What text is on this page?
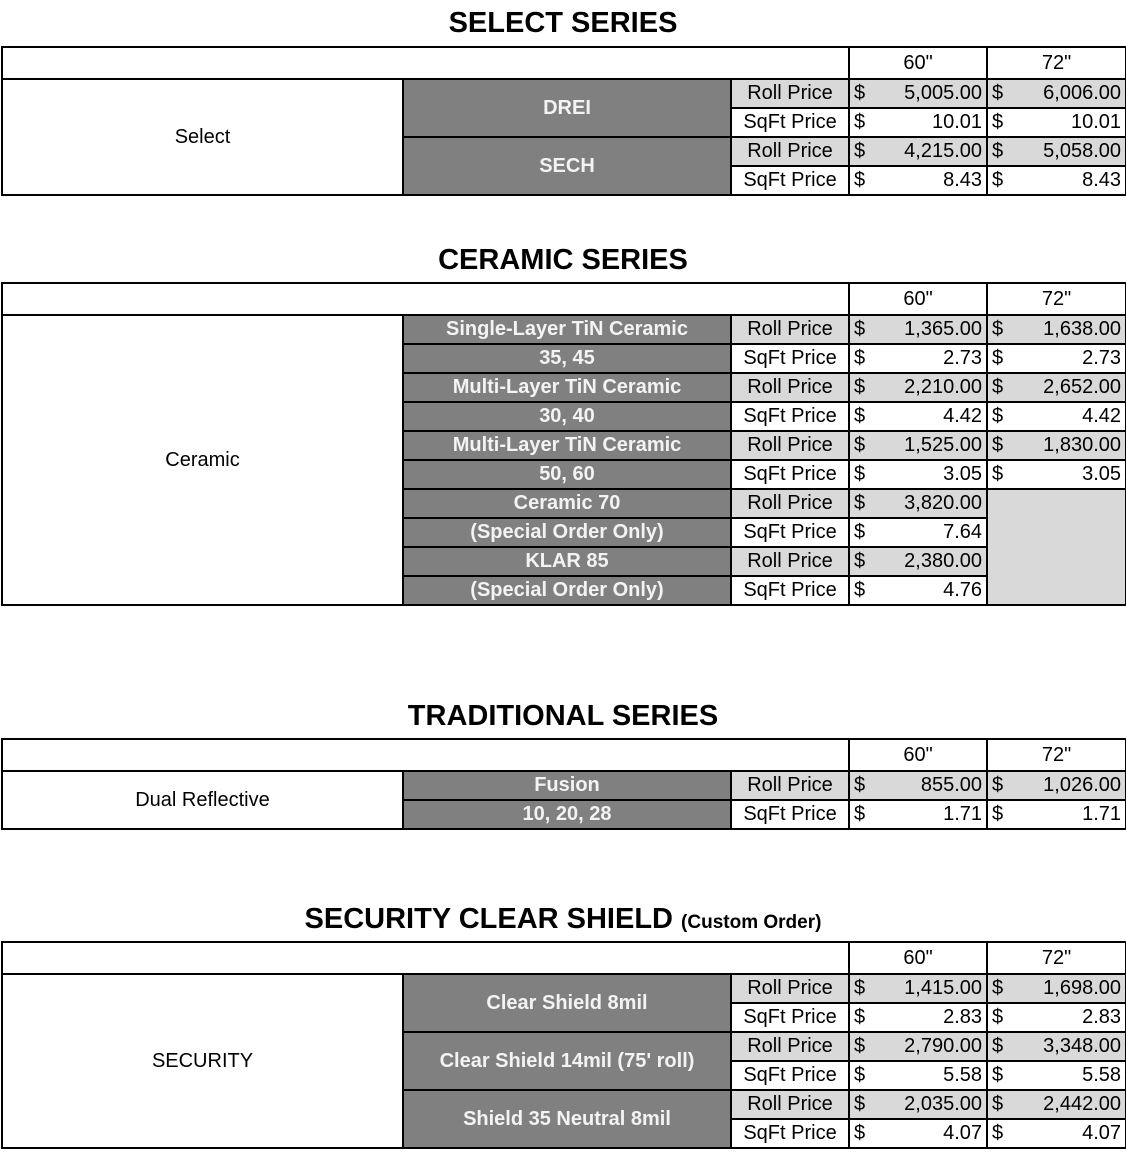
SELECT SERIES
			60"	72"
Select	DREI	Roll Price	$ 5,005.00	$ 6,006.00

		SqFt Price	$ 10.01	$ 10.01

	SECH	Roll Price	$ 4,215.00	$ 5,058.00

		SqFt Price	$ 8.43	$ 8.43
CERAMIC SERIES
			60"	72"
Ceramic	Single-Layer TiN Ceramic	Roll Price	$ 1,365.00	$ 1,638.00

	35, 45	SqFt Price	$ 2.73	$ 2.73

	Multi-Layer TiN Ceramic	Roll Price	$ 2,210.00	$ 2,652.00

	30, 40	SqFt Price	$ 4.42	$ 4.42

	Multi-Layer TiN Ceramic	Roll Price	$ 1,525.00	$ 1,830.00

	50, 60	SqFt Price	$ 3.05	$ 3.05

	Ceramic 70	Roll Price	$ 3,820.00	

	(Special Order Only)	SqFt Price	$ 7.64	

	KLAR 85	Roll Price	$ 2,380.00	

	(Special Order Only)	SqFt Price	$ 4.76	
TRADITIONAL SERIES
			60"	72"
Dual Reflective	Fusion	Roll Price	$ 855.00	$ 1,026.00

	10, 20, 28	SqFt Price	$ 1.71	$ 1.71
SECURITY CLEAR SHIELD (Custom Order)
			60"	72"
SECURITY	Clear Shield 8mil	Roll Price	$ 1,415.00	$ 1,698.00

		SqFt Price	$ 2.83	$ 2.83

	Clear Shield 14mil (75' roll)	Roll Price	$ 2,790.00	$ 3,348.00

		SqFt Price	$ 5.58	$ 5.58

	Shield 35 Neutral 8mil	Roll Price	$ 2,035.00	$ 2,442.00

		SqFt Price	$ 4.07	$ 4.07
